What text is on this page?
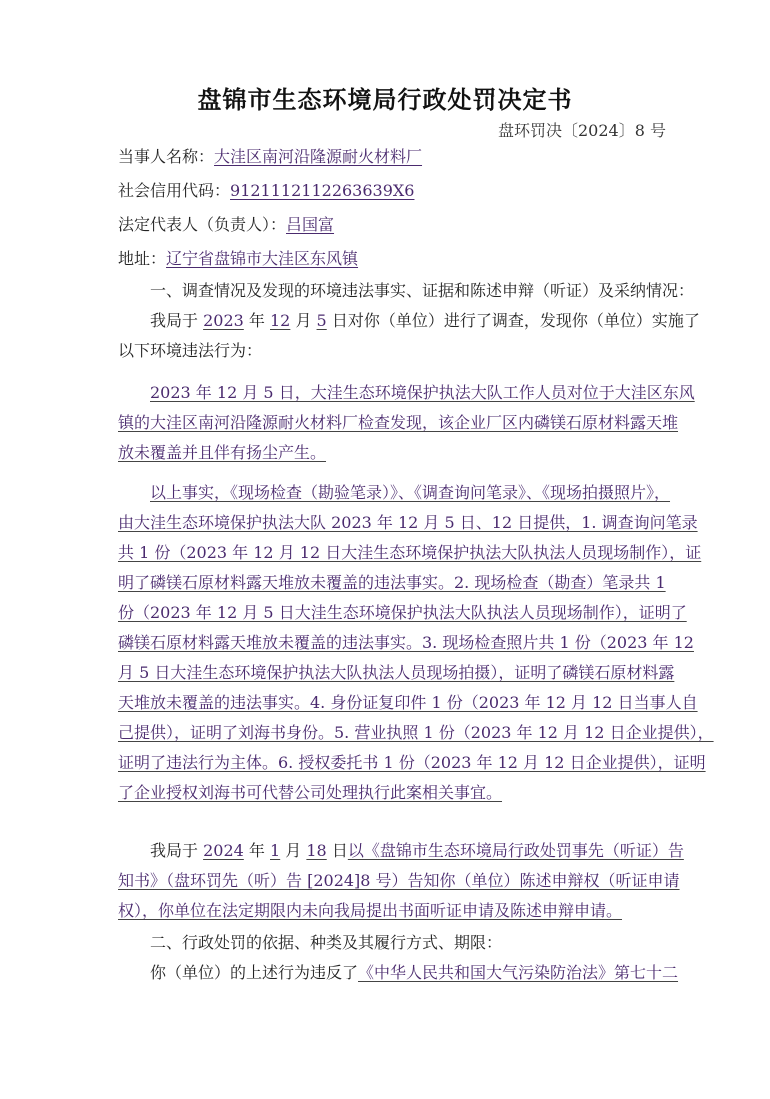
盘锦市生态环境局行政处罚决定书
盘环罚决〔2024〕8 号
当事人名称：大洼区南河沿隆源耐火材料厂
社会信用代码：912111211226363​9X6
法定代表人（负责人）：吕国富
地址：辽宁省盘锦市大洼区东风镇
一、调查情况及发现的环境违法事实、证据和陈述申辩（听证）及采纳情况：
我局于 2023 年 12 月 5 日对你（单位）进行了调查，发现你（单位）实施了
以下环境违法行为：
2023 年 12 月 5 日，大洼生态环境保护执法大队工作人员对位于大洼区东风
镇的大洼区南河沿隆源耐火材料厂检查发现，该企业厂区内磷镁石原材料露天堆
放未覆盖并且伴有扬尘产生。
以上事实，《现场检查（勘验笔录）》、《调查询问笔录》、《现场拍摄照片》，
由大洼生态环境保护执法大队 2023 年 12 月 5 日、12 日提供，1. 调查询问笔录
共 1 份（2023 年 12 月 12 日大洼生态环境保护执法大队执法人员现场制作），证
明了磷镁石原材料露天堆放未覆盖的违法事实。2. 现场检查（勘查）笔录共 1
份（2023 年 12 月 5 日大洼生态环境保护执法大队执法人员现场制作），证明了
磷镁石原材料露天堆放未覆盖的违法事实。3. 现场检查照片共 1 份（2023 年 12
月 5 日大洼生态环境保护执法大队执法人员现场拍摄），证明了磷镁石原材料露
天堆放未覆盖的违法事实。4. 身份证复印件 1 份（2023 年 12 月 12 日当事人自
己提供），证明了刘海书身份。5. 营业执照 1 份（2023 年 12 月 12 日企业提供），
证明了违法行为主体。6. 授权委托书 1 份（2023 年 12 月 12 日企业提供），证明
了企业授权刘海书可代替公司处理执行此案相关事宜。
我局于 2024 年 1 月 18 日以《盘锦市生态环境局行政处罚事先（听证）告
知书》（盘环罚先（听）告 [2024]8 号）告知你（单位）陈述申辩权（听证申请
权），你单位在法定期限内未向我局提出书面听证申请及陈述申辩申请。
二、行政处罚的依据、种类及其履行方式、期限：
你（单位）的上述行为违反了《中华人民共和国大气污染防治法》第七十二
